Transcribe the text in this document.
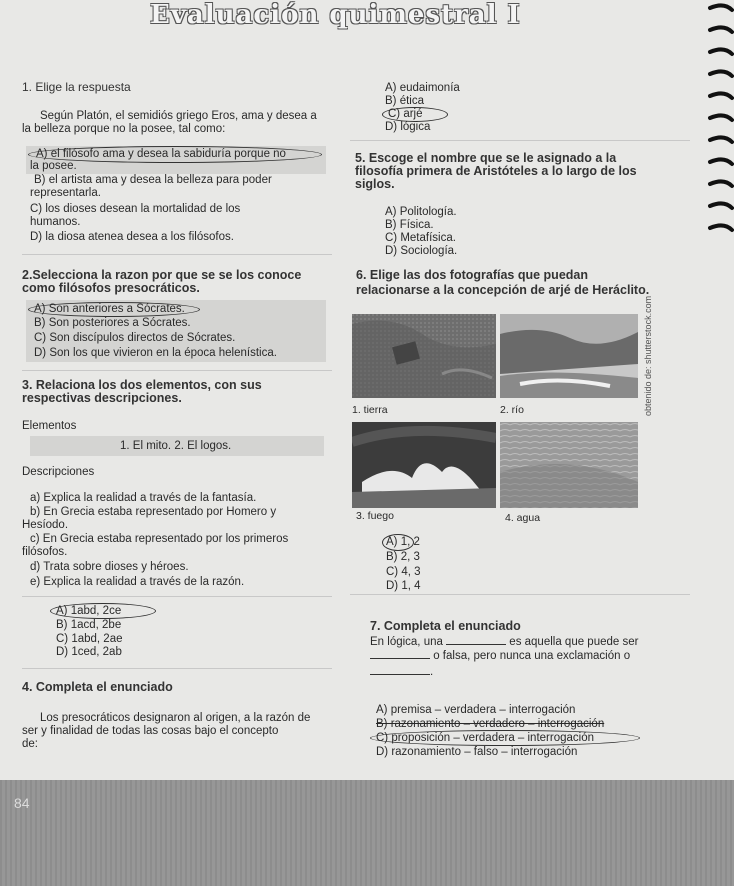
Evaluación quimestral I
1. Elige la respuesta
Según Platón, el semidiós griego Eros, ama y desea a
la belleza porque no la posee, tal como:
A) el filósofo ama y desea la sabiduría porque no
la posee.
B) el artista ama y desea la belleza para poder
representarla.
C) los dioses desean la mortalidad de los
humanos.
D) la diosa atenea desea a los filósofos.
A) eudaimonía
B) ética
C) arjé
D) lógica
5. Escoge el nombre que se le asignado a la
filosofía primera de Aristóteles a lo largo de los
siglos.
A) Politología.
B) Física.
C) Metafísica.
D) Sociología.
2.Selecciona la razon por que se se los conoce
como filósofos presocráticos.
A) Son anteriores a Sócrates.
B) Son posteriores a Sócrates.
C) Son discípulos directos de Sócrates.
D) Son los que vivieron en la época helenística.
6. Elige las dos fotografías que puedan
relacionarse a la concepción de arjé de Heráclito.
1. tierra	2. río
3. fuego	4. agua
obtenido de: shutterstock.com
A) 1, 2
B) 2, 3
C) 4, 3
D) 1, 4
3. Relaciona los dos elementos, con sus
respectivas descripciones.
Elementos
1. El mito. 2. El logos.
Descripciones
a) Explica la realidad a través de la fantasía.
b) En Grecia estaba representado por Homero y
Hesíodo.
c) En Grecia estaba representado por los primeros
filósofos.
d) Trata sobre dioses y héroes.
e) Explica la realidad a través de la razón.
A) 1abd, 2ce
B) 1acd, 2be
C) 1abd, 2ae
D) 1ced, 2ab
7. Completa el enunciado
En lógica, una	es aquella que puede ser
o falsa, pero nunca una exclamación o
.
A) premisa – verdadera – interrogación
B) razonamiento – verdadero – interrogación
C) proposición – verdadera – interrogación
D) razonamiento – falso – interrogación
4. Completa el enunciado
Los presocráticos designaron al origen, a la razón de
ser y finalidad de todas las cosas bajo el concepto
de:
84
